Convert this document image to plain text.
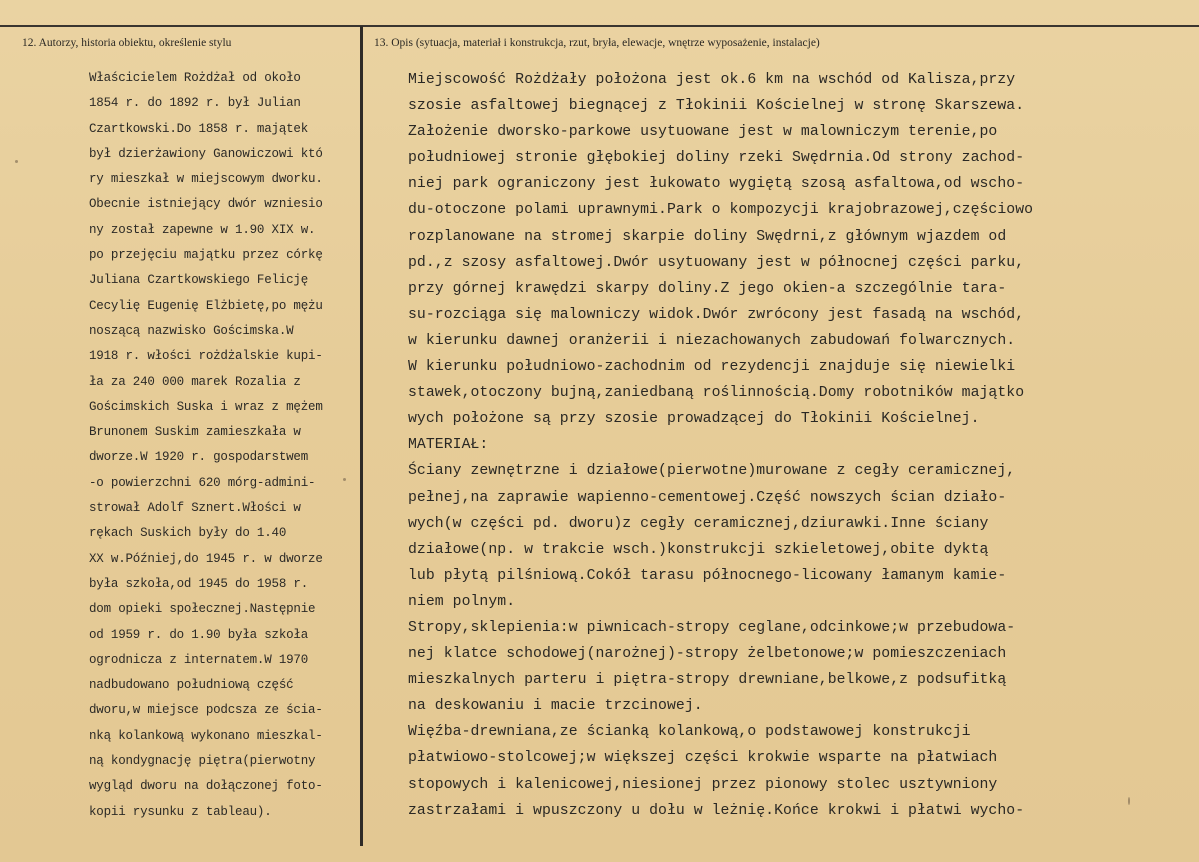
12. Autorzy, historia obiektu, określenie stylu	13. Opis (sytuacja, materiał i konstrukcja, rzut, bryła, elewacje, wnętrze wyposażenie, instalacje)
Właścicielem Rożdżał od około
1854 r. do 1892 r. był Julian
Czartkowski.Do 1858 r. majątek
był dzierżawiony Ganowiczowi któ
ry mieszkał w miejscowym dworku.
Obecnie istniejący dwór wzniesio
ny został zapewne w 1.90 XIX w.
po przejęciu majątku przez córkę
Juliana Czartkowskiego Felicję
Cecylię Eugenię Elżbietę,po mężu
noszącą nazwisko Gościmska.W
1918 r. włości rożdżalskie kupi-
ła za 240 000 marek Rozalia z
Gościmskich Suska i wraz z mężem
Brunonem Suskim zamieszkała w
dworze.W 1920 r. gospodarstwem
-o powierzchni 620 mórg-admini-
strował Adolf Sznert.Włości w
rękach Suskich były do 1.40
XX w.Później,do 1945 r. w dworze
była szkoła,od 1945 do 1958 r.
dom opieki społecznej.Następnie
od 1959 r. do 1.90 była szkoła
ogrodnicza z internatem.W 1970
nadbudowano południową część
dworu,w miejsce podcsza ze ścia-
nką kolankową wykonano mieszkal-
ną kondygnację piętra(pierwotny
wygląd dworu na dołączonej foto-
kopii rysunku z tableau).
Miejscowość Rożdżały położona jest ok.6 km na wschód od Kalisza,przy
szosie asfaltowej biegnącej z Tłokinii Kościelnej w stronę Skarszewa.
Założenie dworsko-parkowe usytuowane jest w malowniczym terenie,po
południowej stronie głębokiej doliny rzeki Swędrnia.Od strony zachod-
niej park ograniczony jest łukowato wygiętą szosą asfaltowa,od wscho-
du-otoczone polami uprawnymi.Park o kompozycji krajobrazowej,częściowo
rozplanowane na stromej skarpie doliny Swędrni,z głównym wjazdem od
pd.,z szosy asfaltowej.Dwór usytuowany jest w północnej części parku,
przy górnej krawędzi skarpy doliny.Z jego okien-a szczególnie tara-
su-rozciąga się malowniczy widok.Dwór zwrócony jest fasadą na wschód,
w kierunku dawnej oranżerii i niezachowanych zabudowań folwarcznych.
W kierunku południowo-zachodnim od rezydencji znajduje się niewielki
stawek,otoczony bujną,zaniedbaną roślinnością.Domy robotników majątko
wych położone są przy szosie prowadzącej do Tłokinii Kościelnej.
MATERIAŁ:
Ściany zewnętrzne i działowe(pierwotne)murowane z cegły ceramicznej,
pełnej,na zaprawie wapienno-cementowej.Część nowszych ścian działo-
wych(w części pd. dworu)z cegły ceramicznej,dziurawki.Inne ściany
działowe(np. w trakcie wsch.)konstrukcji szkieletowej,obite dyktą
lub płytą pilśniową.Cokół tarasu północnego-licowany łamanym kamie-
niem polnym.
Stropy,sklepienia:w piwnicach-stropy ceglane,odcinkowe;w przebudowa-
nej klatce schodowej(narożnej)-stropy żelbetonowe;w pomieszczeniach
mieszkalnych parteru i piętra-stropy drewniane,belkowe,z podsufitką
na deskowaniu i macie trzcinowej.
Więźba-drewniana,ze ścianką kolankową,o podstawowej konstrukcji
płatwiowo-stolcowej;w większej części krokwie wsparte na płatwiach
stopowych i kalenicowej,niesionej przez pionowy stolec usztywniony
zastrzałami i wpuszczony u dołu w leżnię.Końce krokwi i płatwi wycho-
